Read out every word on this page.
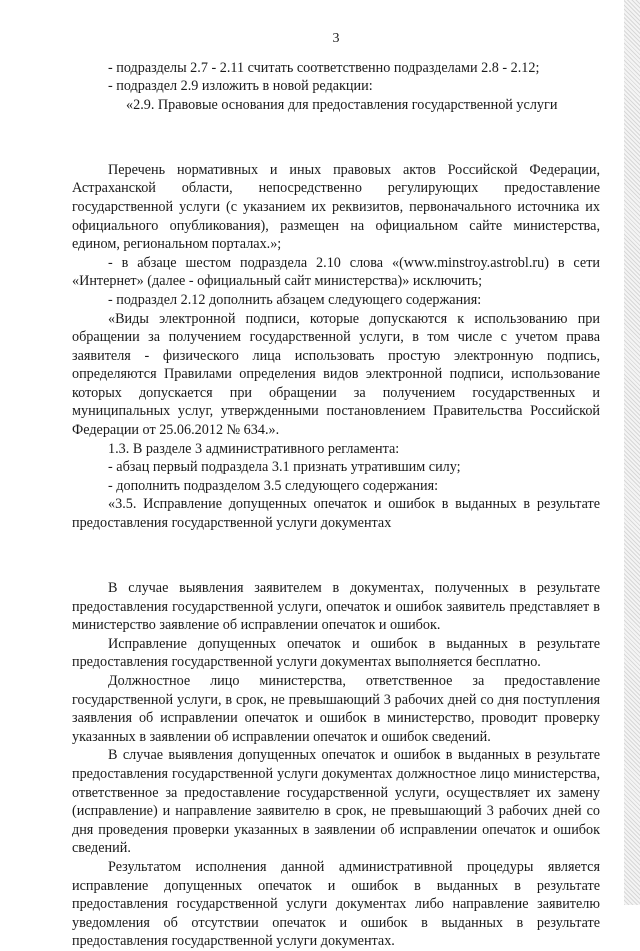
3

- подразделы 2.7 - 2.11 считать соответственно подразделами 2.8 - 2.12;

- подраздел 2.9 изложить в новой редакции:

«2.9. Правовые основания для предоставления государственной услуги

Перечень нормативных и иных правовых актов Российской Федерации, Астраханской области, непосредственно регулирующих предоставление государственной услуги (с указанием их реквизитов, первоначального источника их официального опубликования), размещен на официальном сайте министерства, едином, региональном порталах.»;

- в абзаце шестом подраздела 2.10 слова «(www.minstroy.astrobl.ru) в сети «Интернет» (далее - официальный сайт министерства)» исключить;

- подраздел 2.12 дополнить абзацем следующего содержания:

«Виды электронной подписи, которые допускаются к использованию при обращении за получением государственной услуги, в том числе с учетом права заявителя - физического лица использовать простую электронную подпись, определяются Правилами определения видов электронной подписи, использование которых допускается при обращении за получением государственных и муниципальных услуг, утвержденными постановлением Правительства Российской Федерации от 25.06.2012 № 634.».

1.3. В разделе 3 административного регламента:

- абзац первый подраздела 3.1 признать утратившим силу;

- дополнить подразделом 3.5 следующего содержания:

«3.5. Исправление допущенных опечаток и ошибок в выданных в результате предоставления государственной услуги документах

В случае выявления заявителем в документах, полученных в результате предоставления государственной услуги, опечаток и ошибок заявитель представляет в министерство заявление об исправлении опечаток и ошибок.

Исправление допущенных опечаток и ошибок в выданных в результате предоставления государственной услуги документах выполняется бесплатно.

Должностное лицо министерства, ответственное за предоставление государственной услуги, в срок, не превышающий 3 рабочих дней со дня поступления заявления об исправлении опечаток и ошибок в министерство, проводит проверку указанных в заявлении об исправлении опечаток и ошибок сведений.

В случае выявления допущенных опечаток и ошибок в выданных в результате предоставления государственной услуги документах должностное лицо министерства, ответственное за предоставление государственной услуги, осуществляет их замену (исправление) и направление заявителю в срок, не превышающий 3 рабочих дней со дня проведения проверки указанных в заявлении об исправлении опечаток и ошибок сведений.

Результатом исполнения данной административной процедуры является исправление допущенных опечаток и ошибок в выданных в результате предоставления государственной услуги документах либо направление заявителю уведомления об отсутствии опечаток и ошибок в выданных в результате предоставления государственной услуги документах.
